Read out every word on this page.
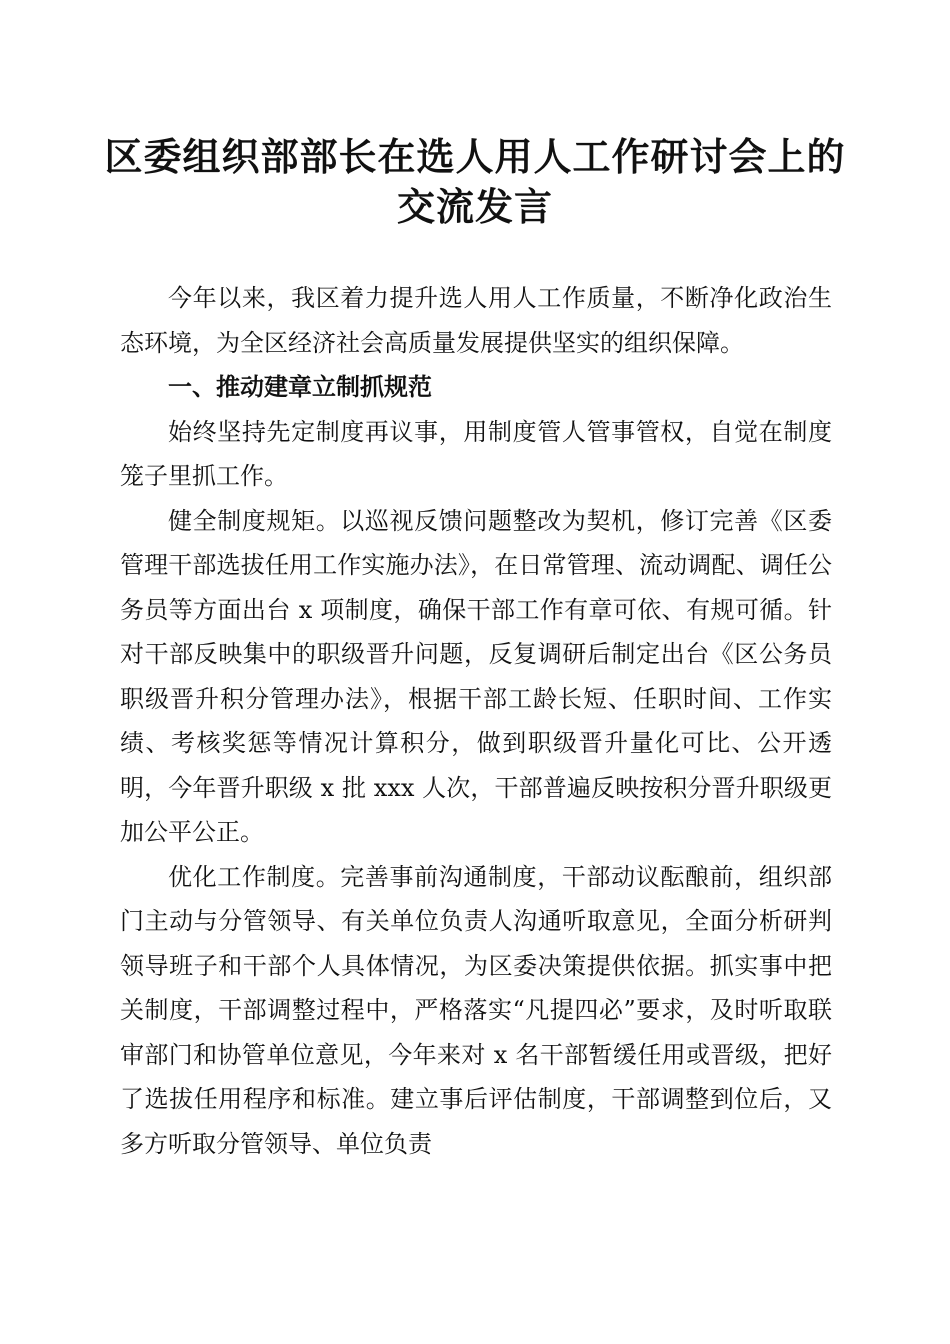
区委组织部部长在选人用人工作研讨会上的交流发言

今年以来，我区着力提升选人用人工作质量，不断净化政治生态环境，为全区经济社会高质量发展提供坚实的组织保障。

一、推动建章立制抓规范

始终坚持先定制度再议事，用制度管人管事管权，自觉在制度笼子里抓工作。

健全制度规矩。以巡视反馈问题整改为契机，修订完善《区委管理干部选拔任用工作实施办法》，在日常管理、流动调配、调任公务员等方面出台 x 项制度，确保干部工作有章可依、有规可循。针对干部反映集中的职级晋升问题，反复调研后制定出台《区公务员职级晋升积分管理办法》，根据干部工龄长短、任职时间、工作实绩、考核奖惩等情况计算积分，做到职级晋升量化可比、公开透明，今年晋升职级 x 批 xxx 人次，干部普遍反映按积分晋升职级更加公平公正。

优化工作制度。完善事前沟通制度，干部动议酝酿前，组织部门主动与分管领导、有关单位负责人沟通听取意见，全面分析研判领导班子和干部个人具体情况，为区委决策提供依据。抓实事中把关制度，干部调整过程中，严格落实“凡提四必”要求，及时听取联审部门和协管单位意见，今年来对 x 名干部暂缓任用或晋级，把好了选拔任用程序和标准。建立事后评估制度，干部调整到位后，又多方听取分管领导、单位负责
